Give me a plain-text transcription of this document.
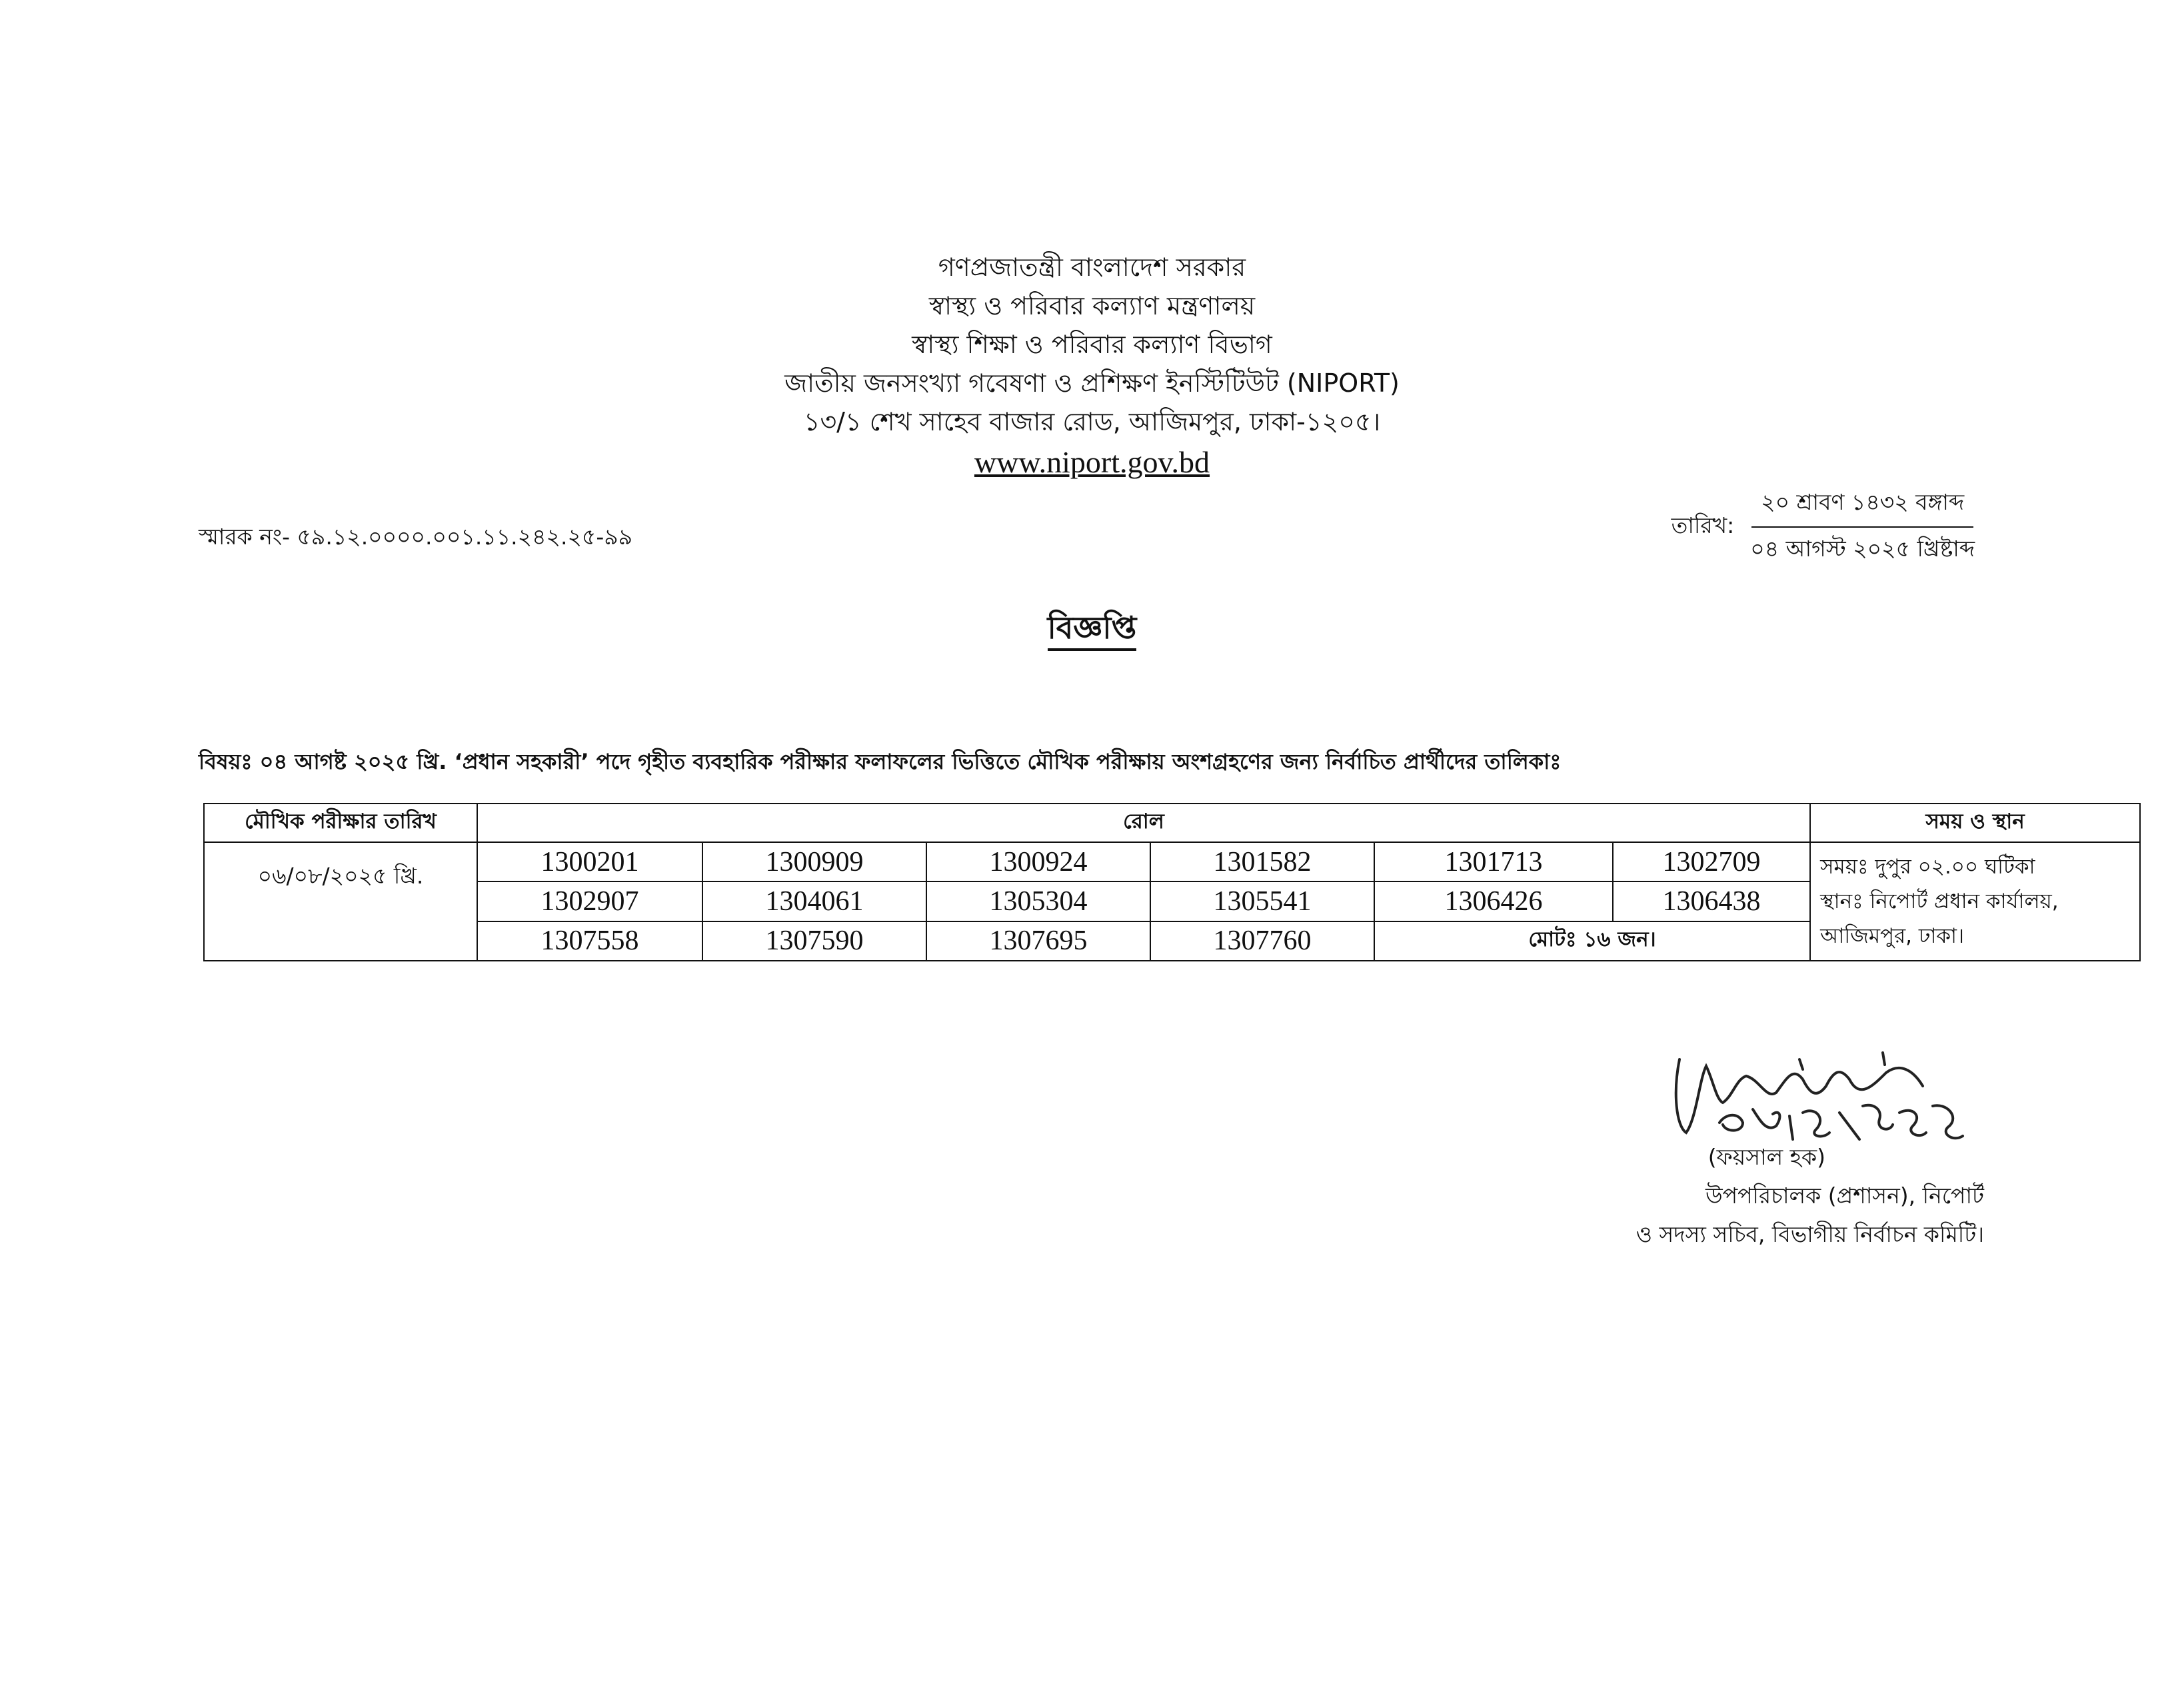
গণপ্রজাতন্ত্রী বাংলাদেশ সরকার
স্বাস্থ্য ও পরিবার কল্যাণ মন্ত্রণালয়
স্বাস্থ্য শিক্ষা ও পরিবার কল্যাণ বিভাগ
জাতীয় জনসংখ্যা গবেষণা ও প্রশিক্ষণ ইনস্টিটিউট (NIPORT)
১৩/১ শেখ সাহেব বাজার রোড, আজিমপুর, ঢাকা-১২০৫।
www.niport.gov.bd
স্মারক নং- ৫৯.১২.০০০০.০০১.১১.২৪২.২৫-৯৯	তারিখ: $\frac{\text{২০ শ্রাবণ ১৪৩২ বঙ্গাব্দ}}{\text{০৪ আগস্ট ২০২৫ খ্রিষ্টাব্দ}}$
বিজ্ঞপ্তি
বিষয়ঃ ০৪ আগষ্ট ২০২৫ খ্রি. ‘প্রধান সহকারী’ পদে গৃহীত ব্যবহারিক পরীক্ষার ফলাফলের ভিত্তিতে মৌখিক পরীক্ষায় অংশগ্রহণের জন্য নির্বাচিত প্রার্থীদের তালিকাঃ
মৌখিক পরীক্ষার তারিখ	রোল						সময় ও স্থান
০৬/০৮/২০২৫ খ্রি.	1300201	1300909	1300924	1301582	1301713	1302709	সময়ঃ দুপুর ০২.০০ ঘটিকা
স্থানঃ নিপোর্ট প্রধান কার্যালয়,
আজিমপুর, ঢাকা।

	1302907	1304061	1305304	1305541	1306426	1306438	
	1307558	1307590	1307695	1307760	মোটঃ ১৬ জন।		
(ফয়সাল হক)
উপপরিচালক (প্রশাসন), নিপোর্ট
ও সদস্য সচিব, বিভাগীয় নির্বাচন কমিটি।
